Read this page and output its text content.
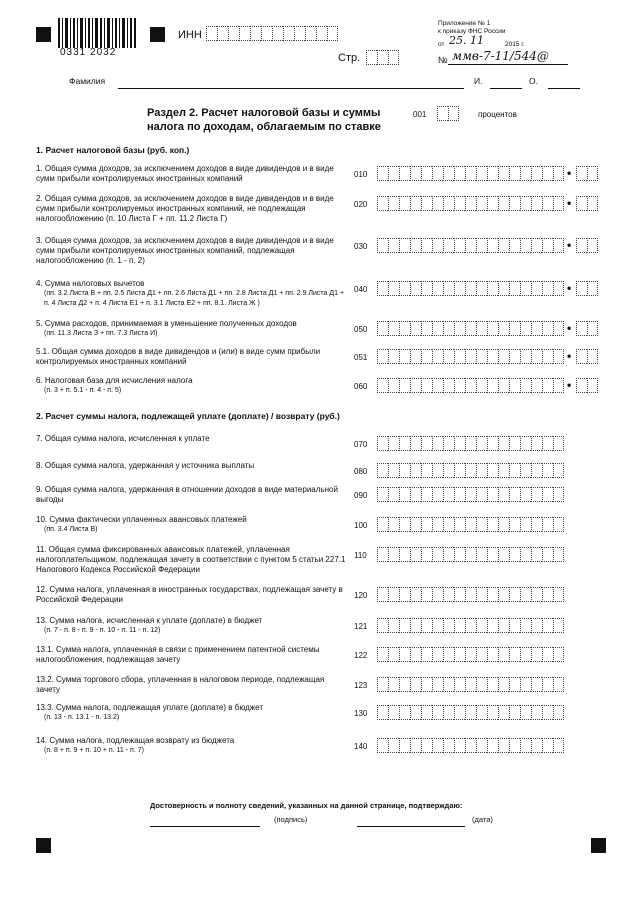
0331 2032
ИНН
Стр.
Приложение № 1
к приказу ФНС России
от 25. 11	2015 г.
№ ммв-7-11/544@
Фамилия	И.	О.
Раздел 2. Расчет налоговой базы и суммы
налога по доходам, облагаемым по ставке
001	процентов
1. Расчет налоговой базы (руб. коп.)
1. Общая сумма доходов, за исключением доходов в виде дивидендов и в виде сумм прибыли контролируемых иностранных компаний	010	•
2. Общая сумма доходов, за исключением доходов в виде дивидендов и в виде сумм прибыли контролируемых иностранных компаний, не подлежащая налогообложению (п. 10 Листа Г + пп. 11.2 Листа Г)
020	•
3. Общая сумма доходов, за исключением доходов в виде дивидендов и в виде сумм прибыли контролируемых иностранных компаний, подлежащая налогообложению (п. 1 - п. 2)
030	•
4. Сумма налоговых вычетов
(пп. 3.2 Листа В + пп. 2.5 Листа Д1 + пп. 2.6 Листа Д1 + пп. 2.8 Листа Д1 + пп. 2.9 Листа Д1 + п. 4 Листа Д2 + п. 4 Листа Е1 + п. 3.1 Листа Е2 + пп. 8.1. Листа Ж )
040	•
5. Сумма расходов, принимаемая в уменьшение полученных доходов
(пп. 11.3 Листа З + пп. 7.3 Листа И)	050	•
5.1. Общая сумма доходов в виде дивидендов и (или) в виде сумм прибыли контролируемых иностранных компаний	051	•
6. Налоговая база для исчисления налога
(п. 3 + п. 5.1 - п. 4 - п. 5)	060	•
2. Расчет суммы налога, подлежащей уплате (доплате) / возврату (руб.)
7. Общая сумма налога, исчисленная к уплате
070
8. Общая сумма налога, удержанная у источника выплаты
080
9. Общая сумма налога, удержанная в отношении доходов в виде материальной выгоды	090
10. Сумма фактически уплаченных авансовых платежей
(пп. 3.4 Листа В)	100
11. Общая сумма фиксированных авансовых платежей, уплаченная налогоплательщиком, подлежащая зачету в соответствии с пунктом 5 статьи 227.1 Налогового Кодекса Российской Федерации
110
12. Сумма налога, уплаченная в иностранных государствах, подлежащая зачету в Российской Федерации	120
13. Сумма налога, исчисленная к уплате (доплате) в бюджет
(п. 7 - п. 8 - п. 9 - п. 10 - п. 11 - п. 12)	121
13.1. Сумма налога, уплаченная в связи с применением патентной системы налогообложения, подлежащая зачету	122
13.2. Сумма торгового сбора, уплаченная в налоговом периоде, подлежащая зачету	123
13.3. Сумма налога, подлежащая уплате (доплате) в бюджет
(п. 13 - п. 13.1 - п. 13.2)	130
14. Сумма налога, подлежащая возврату из бюджета
(п. 8 + п. 9 + п. 10 + п. 11 - п. 7)	140
Достоверность и полноту сведений, указанных на данной странице, подтверждаю:
(подпись)	(дата)
